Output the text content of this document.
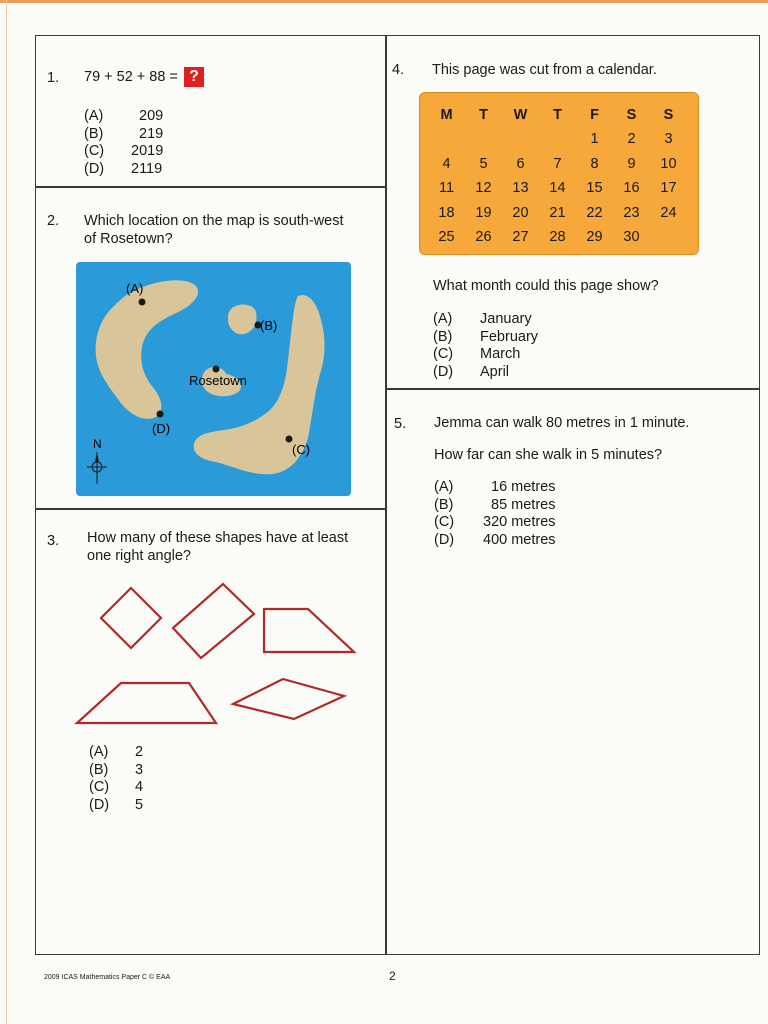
1. 79 + 52 + 88 = ?
(A) 209
(B) 219
(C) 2019
(D) 2119
2. Which location on the map is south-west
of Rosetown?
(A)
(B)
Rosetown
(D)
(C)
N
3. How many of these shapes have at least
one right angle?
(A) 2
(B) 3
(C) 4
(D) 5
4. This page was cut from a calendar.
M	T	W	T	F	S	S
				1	2	3
4	5	6	7	8	9	10
11	12	13	14	15	16	17
18	19	20	21	22	23	24
25	26	27	28	29	30	
What month could this page show?
(A) January
(B) February
(C) March
(D) April
5. Jemma can walk 80 metres in 1 minute.
How far can she walk in 5 minutes?
(A)	16 metres
(B)	85 metres
(C) 320 metres
(D) 400 metres
2009 ICAS Mathematics Paper C © EAA	2
